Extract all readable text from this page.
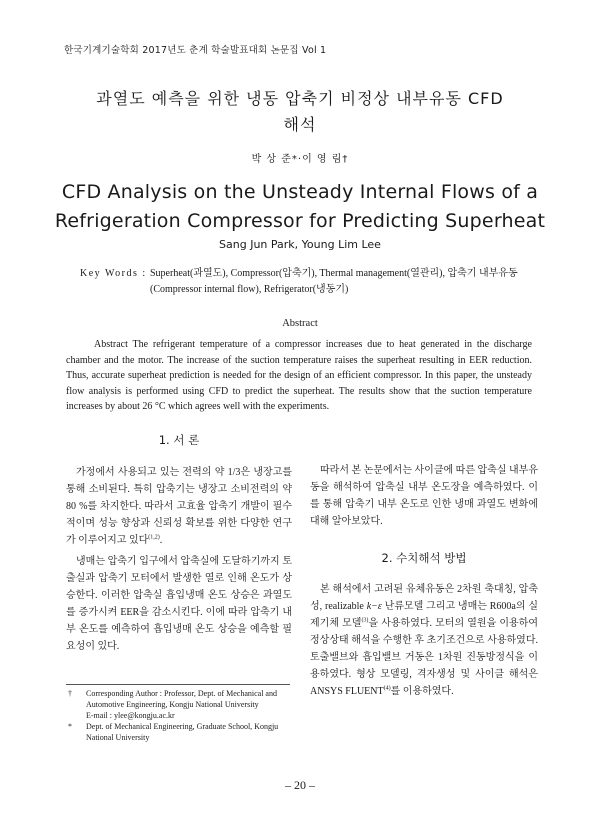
한국기계기술학회 2017년도 춘계 학술발표대회 논문집 Vol 1
과열도 예측을 위한 냉동 압축기 비정상 내부유동 CFD
해석
박 상 준*·이 영 림†
CFD Analysis on the Unsteady Internal Flows of a
Refrigeration Compressor for Predicting Superheat
Sang Jun Park, Young Lim Lee
Key Words : Superheat(과열도), Compressor(압축기), Thermal management(열관리), 압축기 내부유동(Compressor internal flow), Refrigerator(냉동기)
Abstract
Abstract The refrigerant temperature of a compressor increases due to heat generated in the discharge chamber and the motor. The increase of the suction temperature raises the superheat resulting in EER reduction. Thus, accurate superheat prediction is needed for the design of an efficient compressor. In this paper, the unsteady flow analysis is performed using CFD to predict the superheat. The results show that the suction temperature increases by about 26 °C which agrees well with the experiments.
1. 서 론

가정에서 사용되고 있는 전력의 약 1/3은 냉장고를 통해 소비된다. 특히 압축기는 냉장고 소비전력의 약 80 %를 차지한다. 따라서 고효율 압축기 개발이 필수적이며 성능 향상과 신뢰성 확보를 위한 다양한 연구가 이루어지고 있다$^{(1,2)}$.

냉매는 압축기 입구에서 압축실에 도달하기까지 토출실과 압축기 모터에서 발생한 열로 인해 온도가 상승한다. 이러한 압축실 흡입냉매 온도 상승은 과열도를 증가시켜 EER을 감소시킨다. 이에 따라 압축기 내부 온도를 예측하여 흡입냉매 온도 상승을 예측할 필요성이 있다.

따라서 본 논문에서는 사이클에 따른 압축실 내부유동을 해석하여 압축실 내부 온도장을 예측하였다. 이를 통해 압축기 내부 온도로 인한 냉매 과열도 변화에 대해 알아보았다.

2. 수치해석 방법

본 해석에서 고려된 유체유동은 2차원 축대칭, 압축성, realizable k−ε 난류모델 그리고 냉매는 R600a의 실제기체 모델$^{(3)}$을 사용하였다. 모터의 열원을 이용하여 정상상태 해석을 수행한 후 초기조건으로 사용하였다. 토출밸브와 흡입밸브 거동은 1차원 진동방정식을 이용하였다. 형상 모델링, 격자생성 및 사이클 해석은 ANSYS FLUENT$^{(4)}$를 이용하였다.

† Corresponding Author : Professor, Dept. of Mechanical and Automotive Engineering, Kongju National University
E-mail : ylee@kongju.ac.kr
* Dept. of Mechanical Engineering, Graduate School, Kongju National University
– 20 –
